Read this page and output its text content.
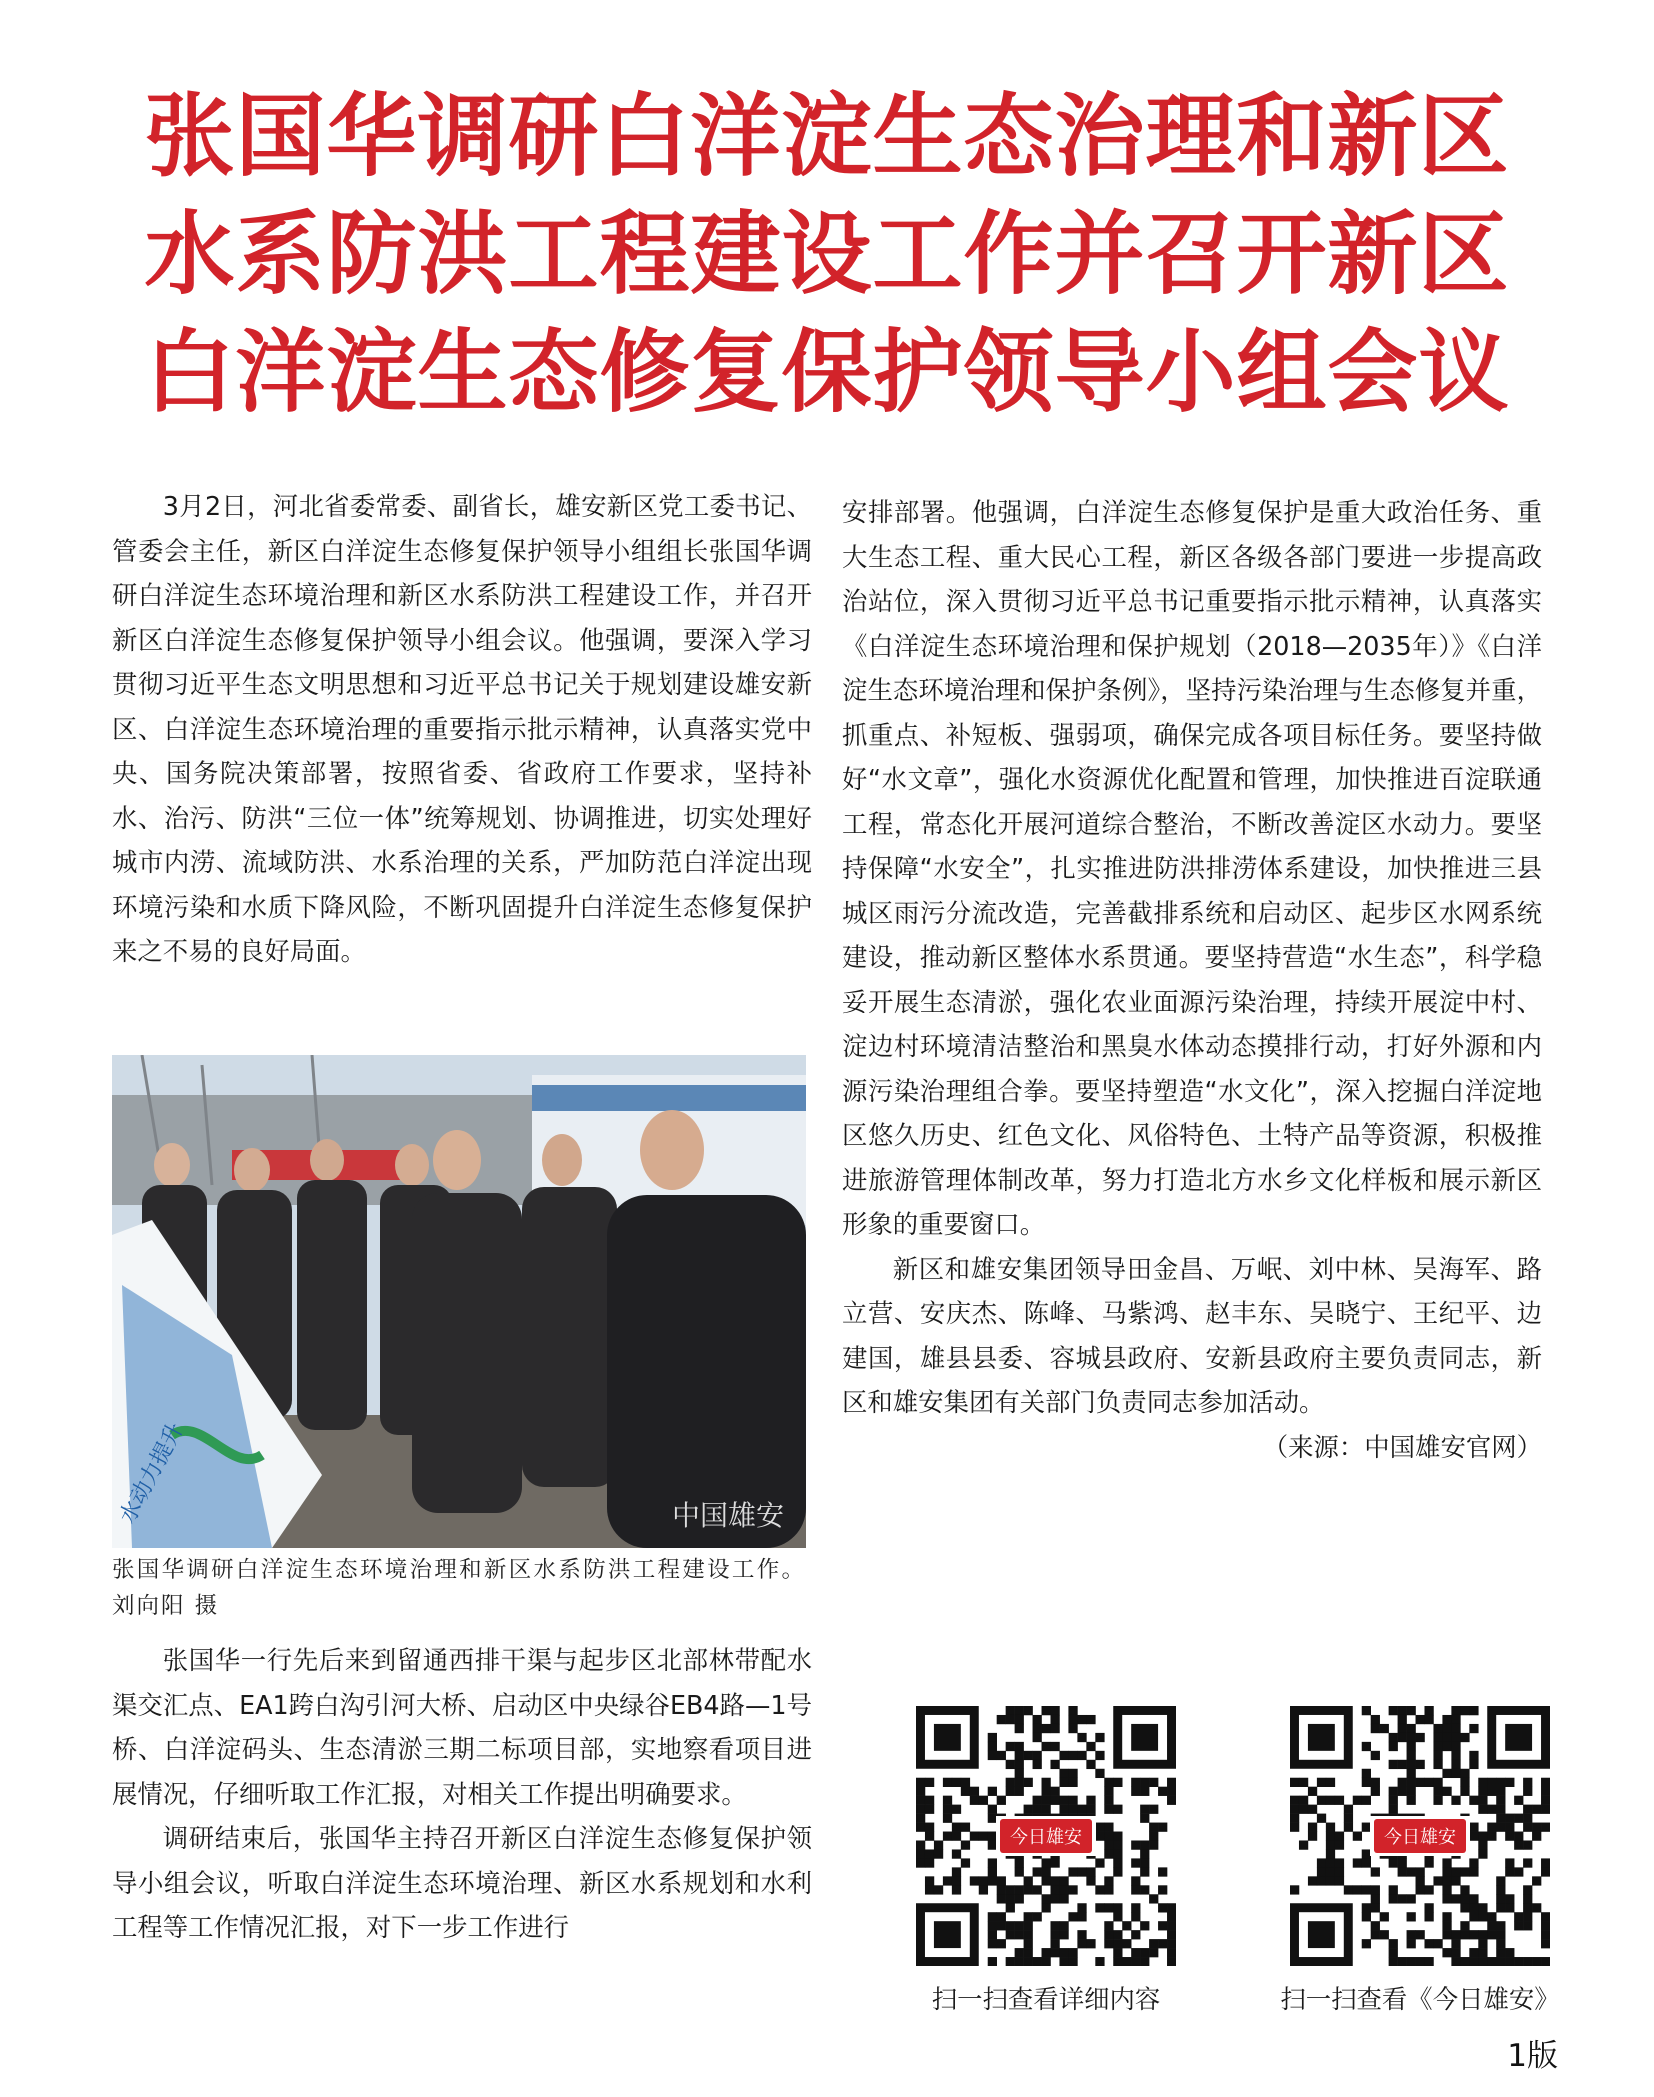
张国华调研白洋淀生态治理和新区
水系防洪工程建设工作并召开新区
白洋淀生态修复保护领导小组会议

3月2日，河北省委常委、副省长，雄安新区党工委书记、管委会主任，新区白洋淀生态修复保护领导小组组长张国华调研白洋淀生态环境治理和新区水系防洪工程建设工作，并召开新区白洋淀生态修复保护领导小组会议。他强调，要深入学习贯彻习近平生态文明思想和习近平总书记关于规划建设雄安新区、白洋淀生态环境治理的重要指示批示精神，认真落实党中央、国务院决策部署，按照省委、省政府工作要求，坚持补水、治污、防洪“三位一体”统筹规划、协调推进，切实处理好城市内涝、流域防洪、水系治理的关系，严加防范白洋淀出现环境污染和水质下降风险，不断巩固提升白洋淀生态修复保护来之不易的良好局面。

水动力提升	中国雄安

张国华调研白洋淀生态环境治理和新区水系防洪工程建设工作。刘向阳 摄

张国华一行先后来到留通西排干渠与起步区北部林带配水渠交汇点、EA1跨白沟引河大桥、启动区中央绿谷EB4路—1号桥、白洋淀码头、生态清淤三期二标项目部，实地察看项目进展情况，仔细听取工作汇报，对相关工作提出明确要求。

调研结束后，张国华主持召开新区白洋淀生态修复保护领导小组会议，听取白洋淀生态环境治理、新区水系规划和水利工程等工作情况汇报，对下一步工作进行

安排部署。他强调，白洋淀生态修复保护是重大政治任务、重大生态工程、重大民心工程，新区各级各部门要进一步提高政治站位，深入贯彻习近平总书记重要指示批示精神，认真落实《白洋淀生态环境治理和保护规划（2018—2035年）》《白洋淀生态环境治理和保护条例》，坚持污染治理与生态修复并重，抓重点、补短板、强弱项，确保完成各项目标任务。要坚持做好“水文章”，强化水资源优化配置和管理，加快推进百淀联通工程，常态化开展河道综合整治，不断改善淀区水动力。要坚持保障“水安全”，扎实推进防洪排涝体系建设，加快推进三县城区雨污分流改造，完善截排系统和启动区、起步区水网系统建设，推动新区整体水系贯通。要坚持营造“水生态”，科学稳妥开展生态清淤，强化农业面源污染治理，持续开展淀中村、淀边村环境清洁整治和黑臭水体动态摸排行动，打好外源和内源污染治理组合拳。要坚持塑造“水文化”，深入挖掘白洋淀地区悠久历史、红色文化、风俗特色、土特产品等资源，积极推进旅游管理体制改革，努力打造北方水乡文化样板和展示新区形象的重要窗口。

新区和雄安集团领导田金昌、万岷、刘中林、吴海军、路立营、安庆杰、陈峰、马紫鸿、赵丰东、吴晓宁、王纪平、边建国，雄县县委、容城县政府、安新县政府主要负责同志，新区和雄安集团有关部门负责同志参加活动。

（来源：中国雄安官网）

今日雄安
扫一扫查看详细内容
今日雄安
扫一扫查看《今日雄安》
1版
